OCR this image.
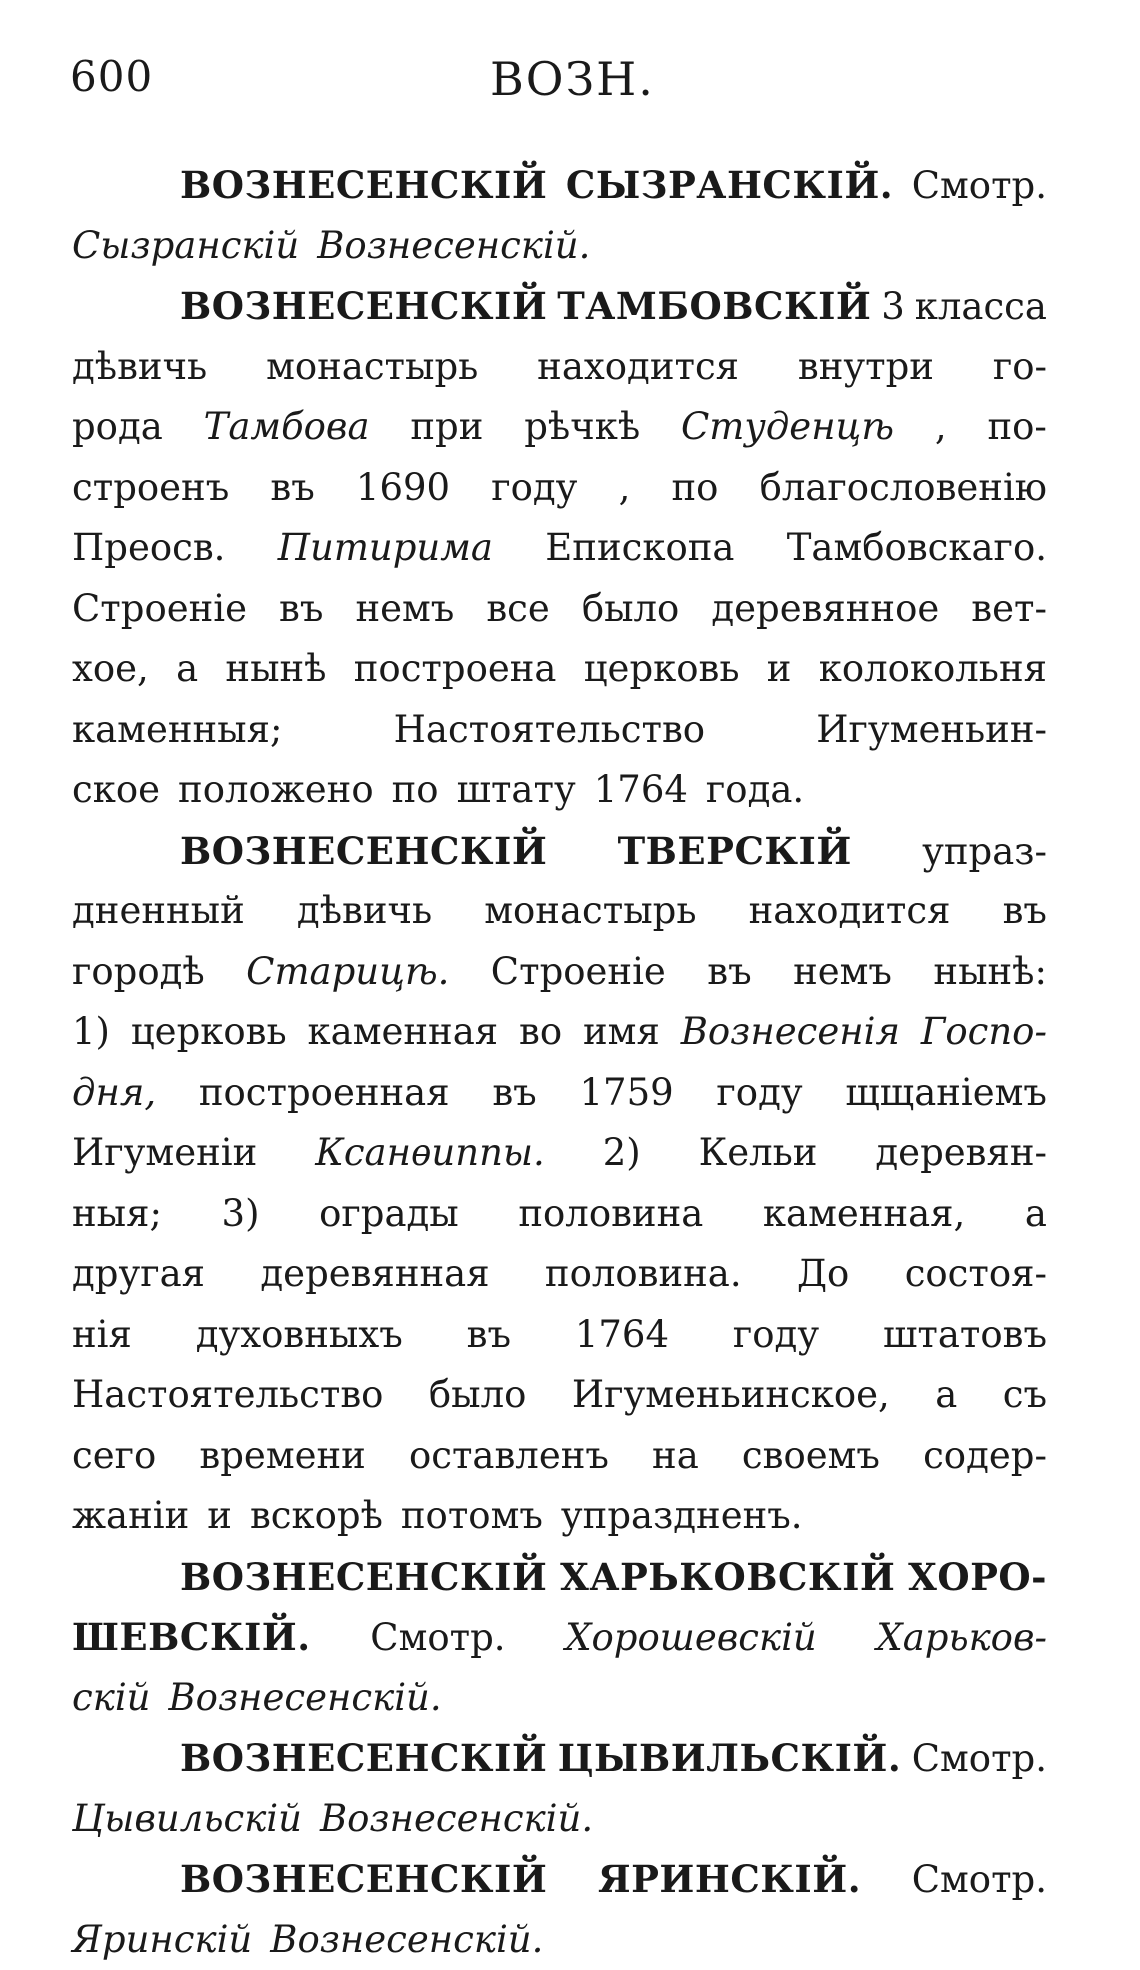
600	ВОЗН.
ВОЗНЕСЕНСКІЙ СЫЗРАНСКІЙ. Смотр.
Сызранскій Вознесенскій.
ВОЗНЕСЕНСКІЙ ТАМБОВСКІЙ 3 класса
дѣвичь монастырь находится внутри го-
рода Тамбова при рѣчкѣ Студенцѣ , по-
строенъ въ 1690 году , по благословенію
Преосв. Питирима Епископа Тамбовскаго.
Строеніе въ немъ все было деревянное вет-
хое, а нынѣ построена церковь и колокольня
каменныя;	Настоятельство	Игуменьин-
ское положено по штату 1764 года.
ВОЗНЕСЕНСКІЙ ТВЕРСКІЙ упраз-
дненный дѣвичь монастырь находится въ
городѣ Старицѣ. Строеніе въ немъ нынѣ:
1) церковь каменная во имя Вознесенія Госпо-
дня, построенная въ 1759 году щщаніемъ
Игуменіи Ксанѳиппы. 2) Кельи деревян-
ныя; 3) ограды половина каменная, а
другая деревянная половина. До состоя-
нія духовныхъ въ 1764 году штатовъ
Настоятельство было Игуменьинское, а съ
сего времени оставленъ на своемъ содер-
жаніи и вскорѣ потомъ упраздненъ.
ВОЗНЕСЕНСКІЙ ХАРЬКОВСКІЙ ХОРО-
ШЕВСКІЙ. Смотр. Хорошевскій Харьков-
скій Вознесенскій.
ВОЗНЕСЕНСКІЙ ЦЫВИЛЬСКІЙ. Смотр.
Цывильскій Вознесенскій.
ВОЗНЕСЕНСКІЙ ЯРИНСКІЙ. Смотр.
Яринскій Вознесенскій.
